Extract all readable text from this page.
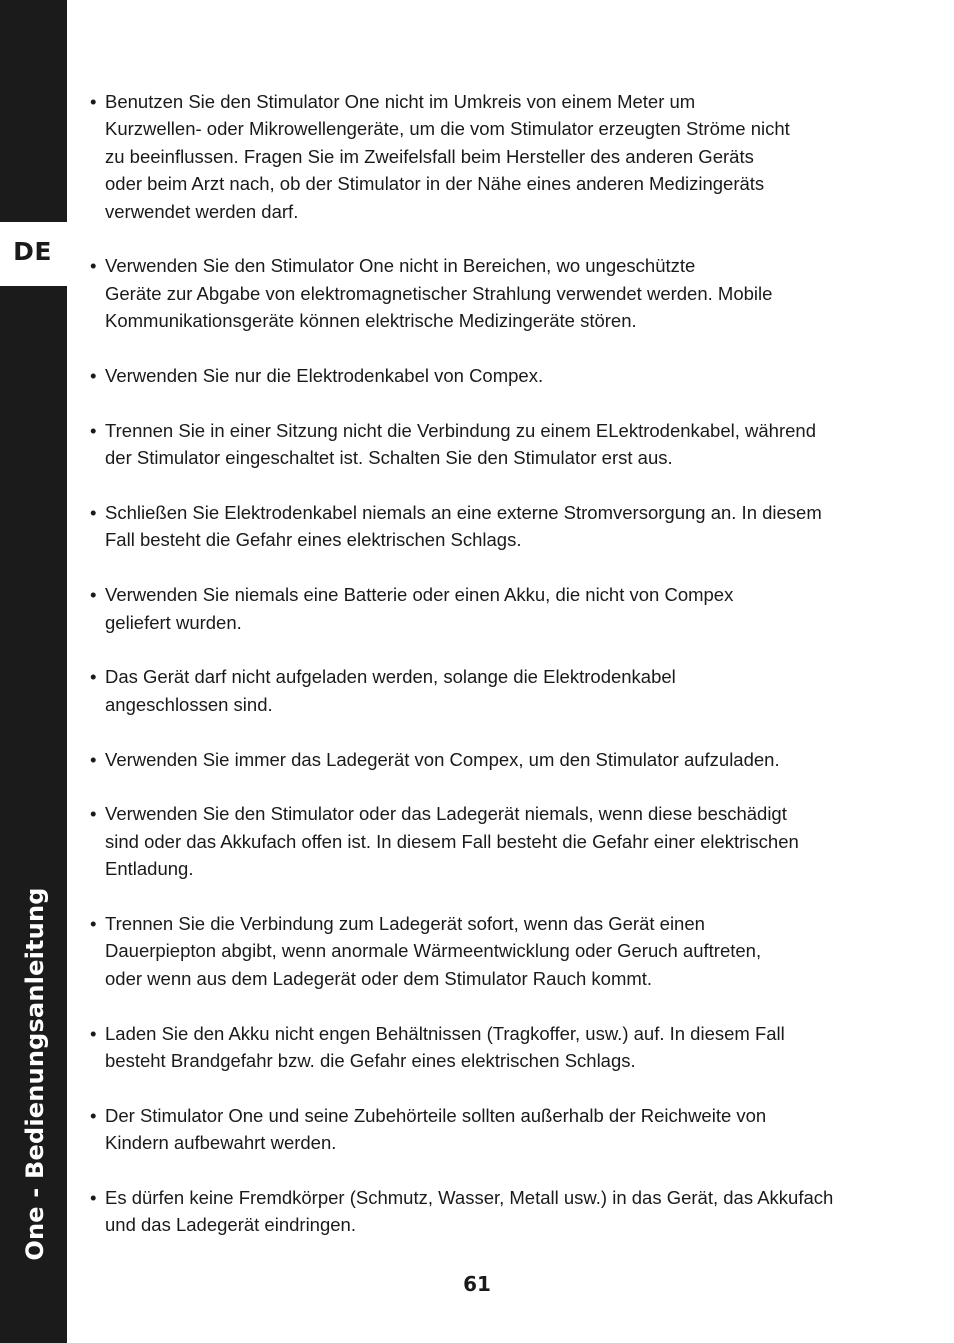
DE
One - Bedienungsanleitung
• Benutzen Sie den Stimulator One nicht im Umkreis von einem Meter um
Kurzwellen- oder Mikrowellengeräte, um die vom Stimulator erzeugten Ströme nicht
zu beeinflussen. Fragen Sie im Zweifelsfall beim Hersteller des anderen Geräts
oder beim Arzt nach, ob der Stimulator in der Nähe eines anderen Medizingeräts
verwendet werden darf.
• Verwenden Sie den Stimulator One nicht in Bereichen, wo ungeschützte
Geräte zur Abgabe von elektromagnetischer Strahlung verwendet werden. Mobile
Kommunikationsgeräte können elektrische Medizingeräte stören.
• Verwenden Sie nur die Elektrodenkabel von Compex.
• Trennen Sie in einer Sitzung nicht die Verbindung zu einem ELektrodenkabel, während
der Stimulator eingeschaltet ist. Schalten Sie den Stimulator erst aus.
• Schließen Sie Elektrodenkabel niemals an eine externe Stromversorgung an. In diesem
Fall besteht die Gefahr eines elektrischen Schlags.
• Verwenden Sie niemals eine Batterie oder einen Akku, die nicht von Compex
geliefert wurden.
• Das Gerät darf nicht aufgeladen werden, solange die Elektrodenkabel
angeschlossen sind.
• Verwenden Sie immer das Ladegerät von Compex, um den Stimulator aufzuladen.
• Verwenden Sie den Stimulator oder das Ladegerät niemals, wenn diese beschädigt
sind oder das Akkufach offen ist. In diesem Fall besteht die Gefahr einer elektrischen
Entladung.
• Trennen Sie die Verbindung zum Ladegerät sofort, wenn das Gerät einen
Dauerpiepton abgibt, wenn anormale Wärmeentwicklung oder Geruch auftreten,
oder wenn aus dem Ladegerät oder dem Stimulator Rauch kommt.
• Laden Sie den Akku nicht engen Behältnissen (Tragkoffer, usw.) auf. In diesem Fall
besteht Brandgefahr bzw. die Gefahr eines elektrischen Schlags.
• Der Stimulator One und seine Zubehörteile sollten außerhalb der Reichweite von
Kindern aufbewahrt werden.
• Es dürfen keine Fremdkörper (Schmutz, Wasser, Metall usw.) in das Gerät, das Akkufach
und das Ladegerät eindringen.
61
